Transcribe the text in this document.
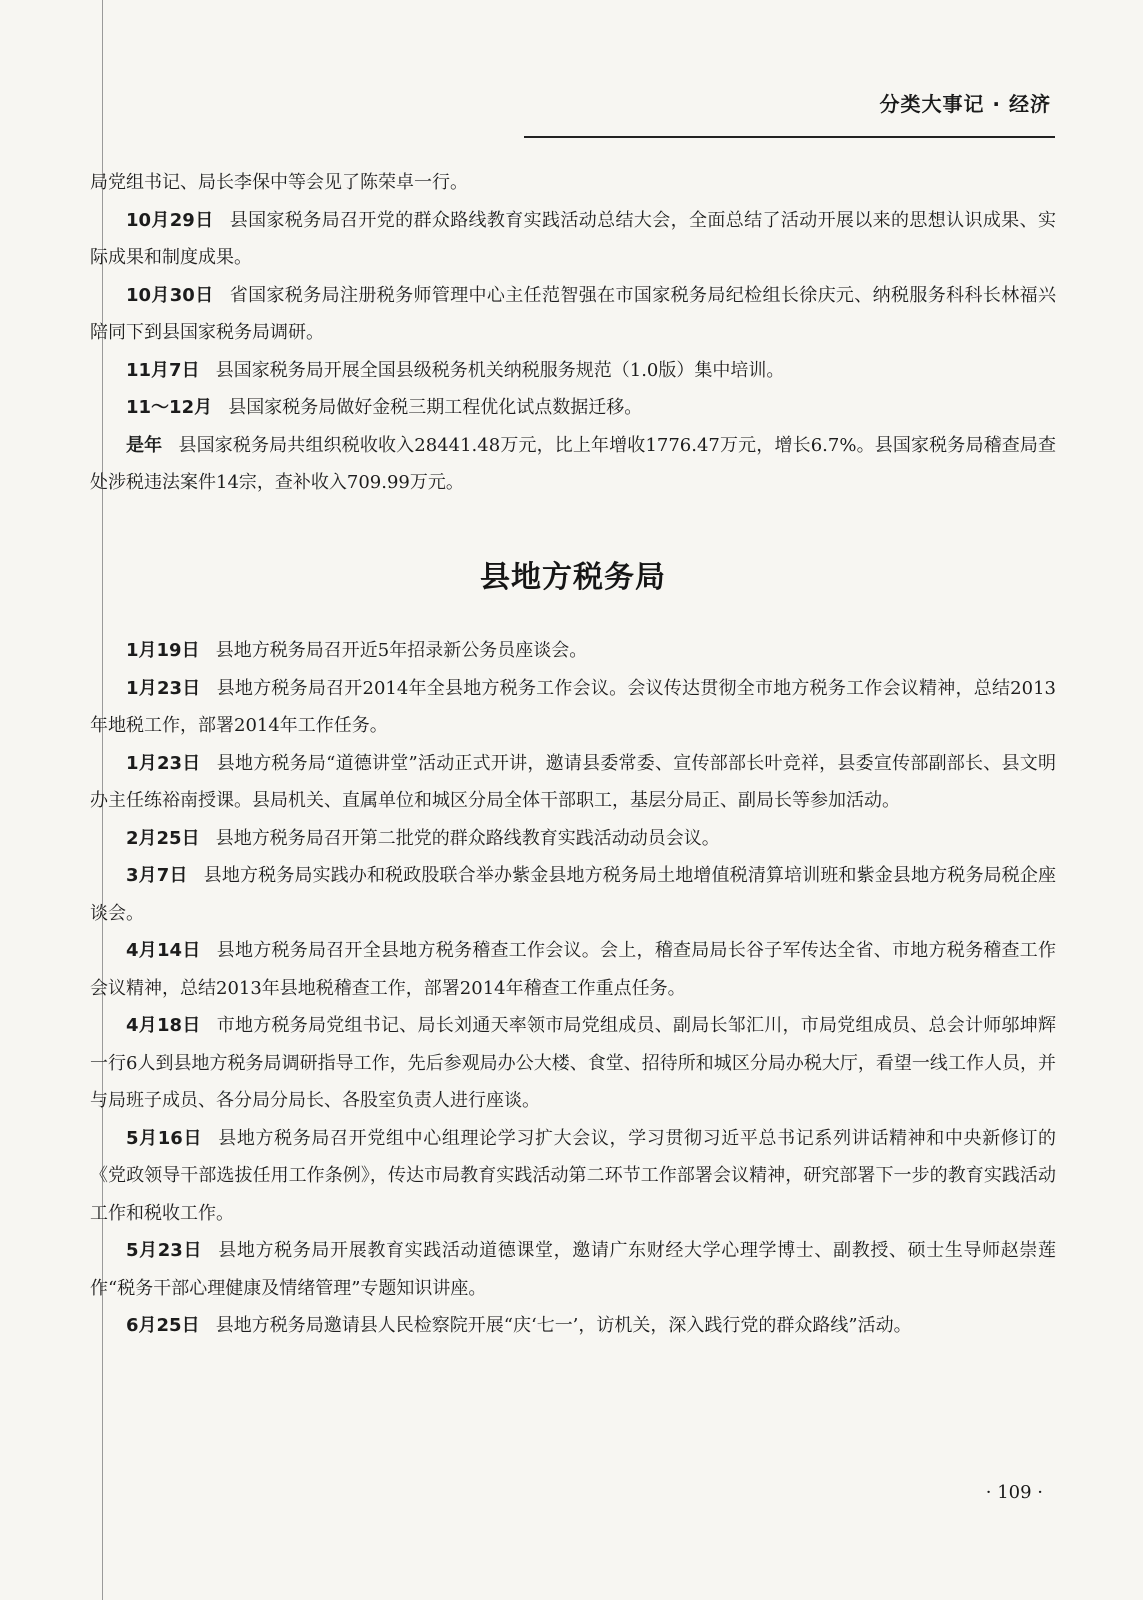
分类大事记 · 经济

局党组书记、局长李保中等会见了陈荣卓一行。

10月29日 县国家税务局召开党的群众路线教育实践活动总结大会，全面总结了活动开展以来的思想认识成果、实际成果和制度成果。

10月30日 省国家税务局注册税务师管理中心主任范智强在市国家税务局纪检组长徐庆元、纳税服务科科长林福兴陪同下到县国家税务局调研。

11月7日 县国家税务局开展全国县级税务机关纳税服务规范（1.0版）集中培训。

11～12月 县国家税务局做好金税三期工程优化试点数据迁移。

是年 县国家税务局共组织税收收入28441.48万元，比上年增收1776.47万元，增长6.7%。县国家税务局稽查局查处涉税违法案件14宗，查补收入709.99万元。

县地方税务局

1月19日 县地方税务局召开近5年招录新公务员座谈会。

1月23日 县地方税务局召开2014年全县地方税务工作会议。会议传达贯彻全市地方税务工作会议精神，总结2013年地税工作，部署2014年工作任务。

1月23日 县地方税务局“道德讲堂”活动正式开讲，邀请县委常委、宣传部部长叶竞祥，县委宣传部副部长、县文明办主任练裕南授课。县局机关、直属单位和城区分局全体干部职工，基层分局正、副局长等参加活动。

2月25日 县地方税务局召开第二批党的群众路线教育实践活动动员会议。

3月7日 县地方税务局实践办和税政股联合举办紫金县地方税务局土地增值税清算培训班和紫金县地方税务局税企座谈会。

4月14日 县地方税务局召开全县地方税务稽查工作会议。会上，稽查局局长谷子军传达全省、市地方税务稽查工作会议精神，总结2013年县地税稽查工作，部署2014年稽查工作重点任务。

4月18日 市地方税务局党组书记、局长刘通天率领市局党组成员、副局长邹汇川，市局党组成员、总会计师邬坤辉一行6人到县地方税务局调研指导工作，先后参观局办公大楼、食堂、招待所和城区分局办税大厅，看望一线工作人员，并与局班子成员、各分局分局长、各股室负责人进行座谈。

5月16日 县地方税务局召开党组中心组理论学习扩大会议，学习贯彻习近平总书记系列讲话精神和中央新修订的《党政领导干部选拔任用工作条例》，传达市局教育实践活动第二环节工作部署会议精神，研究部署下一步的教育实践活动工作和税收工作。

5月23日 县地方税务局开展教育实践活动道德课堂，邀请广东财经大学心理学博士、副教授、硕士生导师赵崇莲作“税务干部心理健康及情绪管理”专题知识讲座。

6月25日 县地方税务局邀请县人民检察院开展“庆‘七一’，访机关，深入践行党的群众路线”活动。

· 109 ·
